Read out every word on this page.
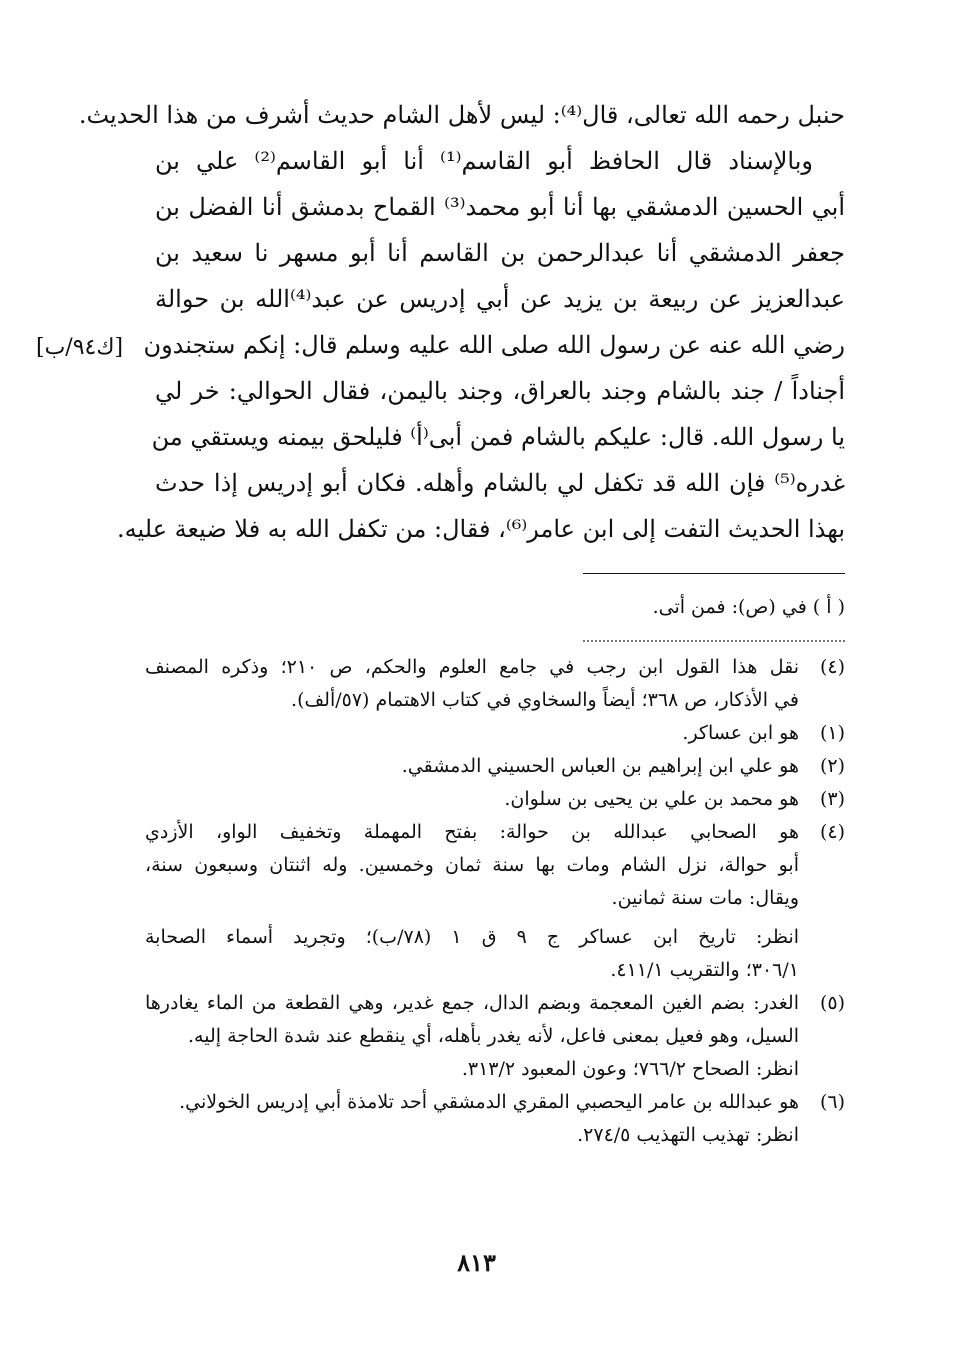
حنبل رحمه الله تعالى، قال⁽⁴⁾: ليس لأهل الشام حديث أشرف من هذا الحديث.
وبالإسناد قال الحافظ أبو القاسم⁽¹⁾ أنا أبو القاسم⁽²⁾ علي بن
أبي الحسين الدمشقي بها أنا أبو محمد⁽³⁾ القماح بدمشق أنا الفضل بن
جعفر الدمشقي أنا عبدالرحمن بن القاسم أنا أبو مسهر نا سعيد بن
عبدالعزيز عن ربيعة بن يزيد عن أبي إدريس عن عبد⁽⁴⁾الله بن حوالة
رضي الله عنه عن رسول الله صلى الله عليه وسلم قال: إنكم ستجندون
أجناداً / جند بالشام وجند بالعراق، وجند باليمن، فقال الحوالي: خر لي
يا رسول الله. قال: عليكم بالشام فمن أبى⁽أ⁾ فليلحق بيمنه ويستقي من
غدره⁽⁵⁾ فإن الله قد تكفل لي بالشام وأهله. فكان أبو إدريس إذا حدث
بهذا الحديث التفت إلى ابن عامر⁽⁶⁾، فقال: من تكفل الله به فلا ضيعة عليه.
[ك٩٤/ب]
( أ ) في (ص): فمن أتى.
(٤)
نقل هذا القول ابن رجب في جامع العلوم والحكم، ص ٢١٠؛ وذكره المصنف
في الأذكار، ص ٣٦٨؛ أيضاً والسخاوي في كتاب الاهتمام (٥٧/ألف).
(١)
هو ابن عساكر.
(٢)
هو علي ابن إبراهيم بن العباس الحسيني الدمشقي.
(٣)
هو محمد بن علي بن يحيى بن سلوان.
(٤)
هو الصحابي عبدالله بن حوالة: بفتح المهملة وتخفيف الواو، الأزدي
أبو حوالة، نزل الشام ومات بها سنة ثمان وخمسين. وله اثنتان وسبعون سنة،
ويقال: مات سنة ثمانين.
انظر: تاريخ ابن عساكر ج ٩ ق ١ (٧٨/ب)؛ وتجريد أسماء الصحابة
٣٠٦/١؛ والتقريب ٤١١/١.
(٥)
الغدر: بضم الغين المعجمة وبضم الدال، جمع غدير، وهي القطعة من الماء يغادرها
السيل، وهو فعيل بمعنى فاعل، لأنه يغدر بأهله، أي ينقطع عند شدة الحاجة إليه.
انظر: الصحاح ٧٦٦/٢؛ وعون المعبود ٣١٣/٢.
(٦)
هو عبدالله بن عامر اليحصبي المقري الدمشقي أحد تلامذة أبي إدريس الخولاني.
انظر: تهذيب التهذيب ٢٧٤/٥.
٨١٣
